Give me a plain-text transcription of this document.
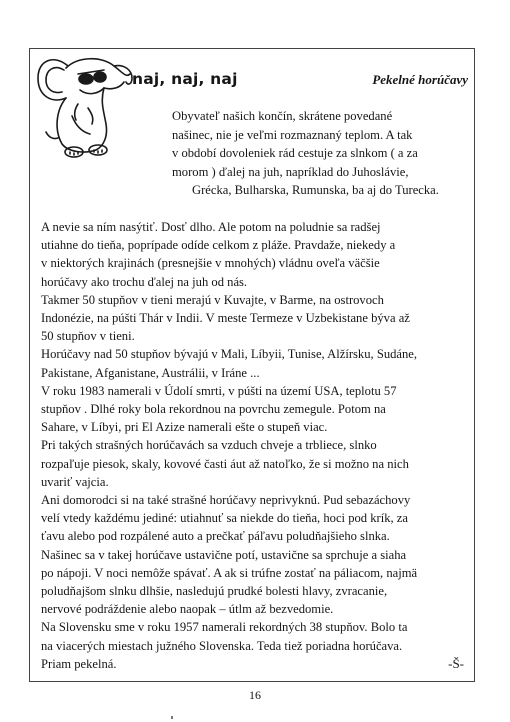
naj, naj, naj	Pekelné horúčavy

Obyvateľ našich končín, skrátene povedané

našinec, nie je veľmi rozmaznaný teplom. A tak

v období dovoleniek rád cestuje za slnkom ( a za

morom ) ďalej na juh, napríklad do Juhoslávie,

Grécka, Bulharska, Rumunska, ba aj do Turecka.

A nevie sa ním nasýtiť. Dosť dlho. Ale potom na poludnie sa radšej

utiahne do tieňa, poprípade odíde celkom z pláže. Pravdaže, niekedy a

v niektorých krajinách (presnejšie v mnohých) vládnu oveľa väčšie

horúčavy ako trochu ďalej na juh od nás.

Takmer 50 stupňov v tieni merajú v Kuvajte, v Barme, na ostrovoch

Indonézie, na púšti Thár v Indii. V meste Termeze v Uzbekistane býva až

50 stupňov v tieni.

Horúčavy nad 50 stupňov bývajú v Mali, Líbyii, Tunise, Alžírsku, Sudáne,

Pakistane, Afganistane, Austrálii, v Iráne ...

V roku 1983 namerali v Údolí smrti, v púšti na území USA, teplotu 57

stupňov . Dlhé roky bola rekordnou na povrchu zemegule. Potom na

Sahare, v Líbyi, pri El Azize namerali ešte o stupeň viac.

Pri takých strašných horúčavách sa vzduch chveje a trbliece, slnko

rozpaľuje piesok, skaly, kovové časti áut až natoľko, že si možno na nich

uvariť vajcia.

Ani domorodci si na také strašné horúčavy neprivyknú. Pud sebazáchovy

velí vtedy každému jediné: utiahnuť sa niekde do tieňa, hoci pod krík, za

ťavu alebo pod rozpálené auto a prečkať páľavu poludňajšieho slnka.

Našinec sa v takej horúčave ustavične potí, ustavične sa sprchuje a siaha

po nápoji. V noci nemôže spávať. A ak si trúfne zostať na páliacom, najmä

poludňajšom slnku dlhšie, nasledujú prudké bolesti hlavy, zvracanie,

nervové podráždenie alebo naopak – útlm až bezvedomie.

Na Slovensku sme v roku 1957 namerali rekordných 38 stupňov. Bolo ta

na viacerých miestach južného Slovenska. Teda tiež poriadna horúčava.

Priam pekelná.	-Š-
16
